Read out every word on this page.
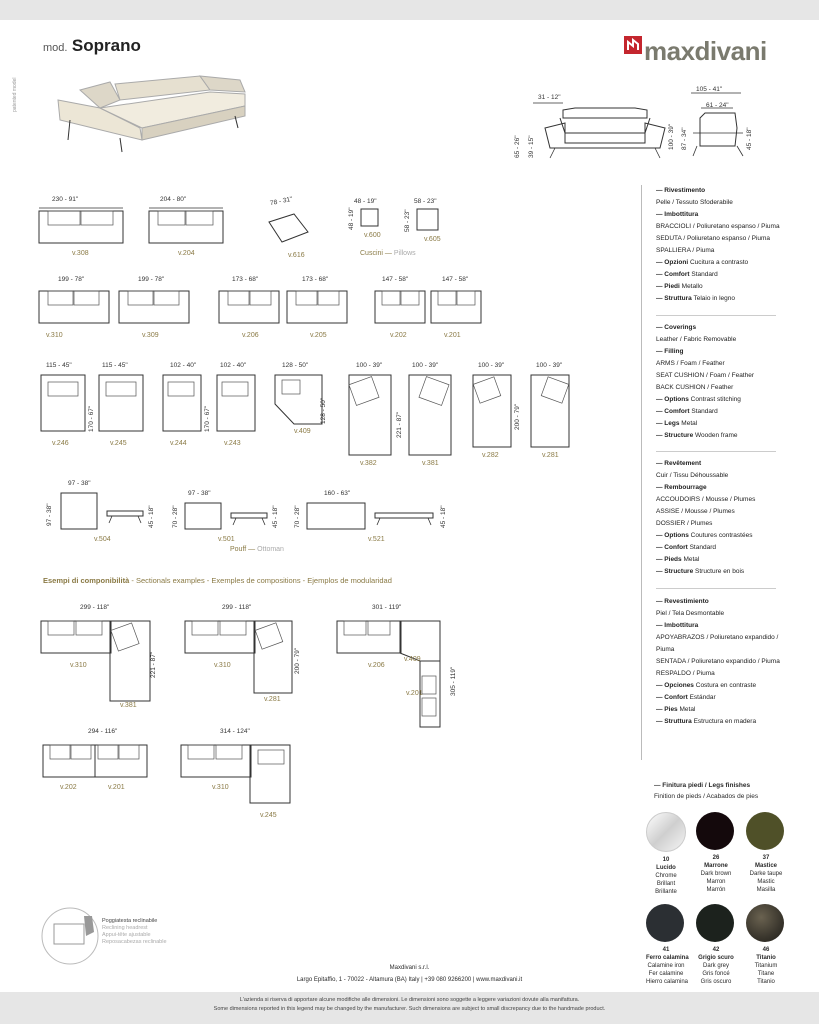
mod. Soprano
patented model
maxdivani
31 - 12"
65 - 26" 39 - 15"	100 - 39" 87 - 34"
105 - 41"
61 - 24"
45 - 18"
230 - 91"
v.308
204 - 80"
v.204
78 - 31"
v.616
48 - 19"
48 - 19"
v.600
58 - 23"
58 - 23"
v.605
Cuscini — Pillows
199 - 78"
v.310
199 - 78"
v.309
173 - 68"
v.206
173 - 68"
v.205
147 - 58"
v.202
147 - 58"
v.201
115 - 45"
170 - 67"
v.246
115 - 45"
v.245
102 - 40"
170 - 67"
v.244
102 - 40"
v.243
128 - 50"
128 - 50"
v.409
100 - 39"
v.382
100 - 39"
221 - 87"
v.381
100 - 39"
200 - 79"
v.282
100 - 39"
v.281
97 - 38"
97 - 38"	45 - 18"
v.504
97 - 38"
70 - 28"	45 - 18"
v.501
160 - 63"
70 - 28"	45 - 18"
v.521
Pouff — Ottoman
Esempi di componibilità - Sectionals examples - Exemples de compositions - Ejemplos de modularidad
299 - 118"
221 - 87"
v.310
v.381
299 - 118"
200 - 79"
v.310
v.281
301 - 119"
305 - 119"
v.206
v.409
v.201
294 - 116"
v.202	v.201
314 - 124"
v.310
v.245
— Rivestimento
Pelle / Tessuto Sfoderabile
— Imbottitura
BRACCIOLI / Poliuretano espanso / Piuma
SEDUTA / Poliuretano espanso / Piuma
SPALLIERA / Piuma
— Opzioni Cucitura a contrasto
— Comfort Standard
— Piedi Metallo
— Struttura Telaio in legno
— Coverings
Leather / Fabric Removable
— Filling
ARMS / Foam / Feather
SEAT CUSHION / Foam / Feather
BACK CUSHION / Feather
— Options Contrast stitching
— Comfort Standard
— Legs Metal
— Structure Wooden frame
— Revêtement
Cuir / Tissu Déhoussable
— Rembourrage
ACCOUDOIRS / Mousse / Plumes
ASSISE / Mousse / Plumes
DOSSIER / Plumes
— Options Coutures contrastées
— Confort Standard
— Pieds Metal
— Structure Structure en bois
— Revestimiento
Piel / Tela Desmontable
— Imbottitura
APOYABRAZOS / Poliuretano expandido /
Piuma
SENTADA / Poliuretano expandido / Piuma
RESPALDO / Piuma
— Opciones Costura en contraste
— Confort Estándar
— Pies Metal
— Struttura Estructura en madera
— Finitura piedi / Legs finishes
Finition de pieds / Acabados de pies
10
Lucido
Chrome
Brillant
Brillante
26
Marrone
Dark brown
Marron
Marrón
37
Mastice
Darke taupe
Mastic
Masilla
41
Ferro calamina
Calamine iron
Fer calamine
Hierro calamina
42
Grigio scuro
Dark grey
Gris foncé
Gris oscuro
46
Titanio
Titanium
Titane
Titanio
Poggiatesta reclinabile
Reclining headrest
Appui-tête ajustable
Reposacabezas reclinable
Maxdivani s.r.l.
Largo Epitaffio, 1 - 70022 - Altamura (BA) Italy | +39 080 9266200 | www.maxdivani.it
L'azienda si riserva di apportare alcune modifiche alle dimensioni. Le dimensioni sono soggette a leggere variazioni dovute alla manifattura.
Some dimensions reported in this legend may be changed by the manufacturer. Such dimensions are subject to small discrepancy due to the handmade product.
